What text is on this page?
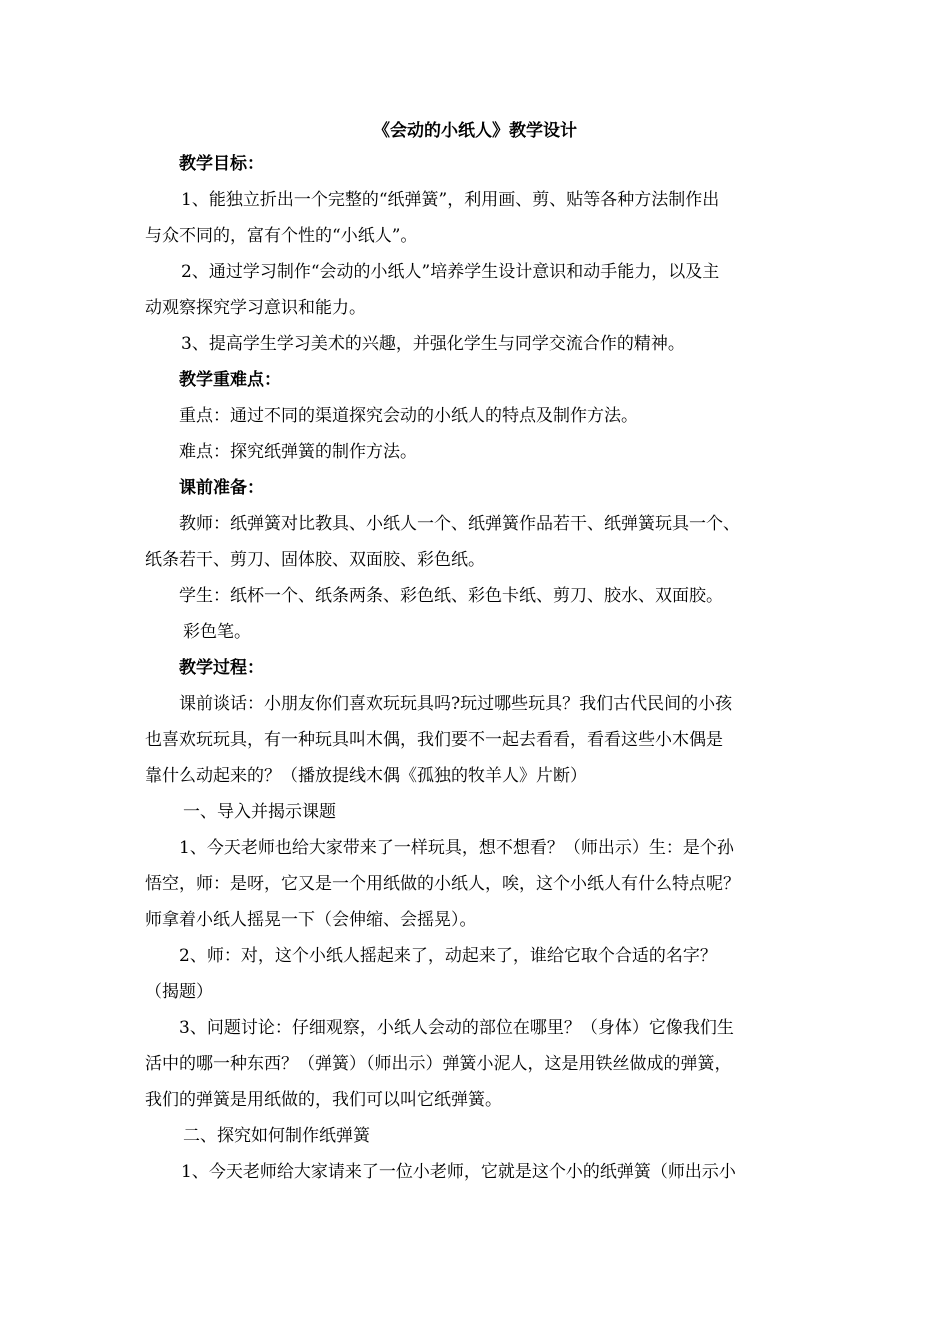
《会动的小纸人》教学设计

教学目标：

1、能独立折出一个完整的“纸弹簧”，利用画、剪、贴等各种方法制作出

与众不同的，富有个性的“小纸人”。

2、通过学习制作“会动的小纸人”培养学生设计意识和动手能力，以及主

动观察探究学习意识和能力。

3、提高学生学习美术的兴趣，并强化学生与同学交流合作的精神。

教学重难点：

重点：通过不同的渠道探究会动的小纸人的特点及制作方法。

难点：探究纸弹簧的制作方法。

课前准备：

教师：纸弹簧对比教具、小纸人一个、纸弹簧作品若干、纸弹簧玩具一个、

纸条若干、剪刀、固体胶、双面胶、彩色纸。

学生：纸杯一个、纸条两条、彩色纸、彩色卡纸、剪刀、胶水、双面胶。

彩色笔。

教学过程：

课前谈话：小朋友你们喜欢玩玩具吗?玩过哪些玩具？我们古代民间的小孩

也喜欢玩玩具，有一种玩具叫木偶，我们要不一起去看看，看看这些小木偶是

靠什么动起来的？（播放提线木偶《孤独的牧羊人》片断）

一、导入并揭示课题

1、今天老师也给大家带来了一样玩具，想不想看？（师出示）生：是个孙

悟空，师：是呀，它又是一个用纸做的小纸人，唉，这个小纸人有什么特点呢？

师拿着小纸人摇晃一下（会伸缩、会摇晃）。

2、师：对，这个小纸人摇起来了，动起来了，谁给它取个合适的名字？

（揭题）

3、问题讨论：仔细观察，小纸人会动的部位在哪里？（身体）它像我们生

活中的哪一种东西？（弹簧）（师出示）弹簧小泥人，这是用铁丝做成的弹簧，

我们的弹簧是用纸做的，我们可以叫它纸弹簧。

二、探究如何制作纸弹簧

1、今天老师给大家请来了一位小老师，它就是这个小的纸弹簧（师出示小
